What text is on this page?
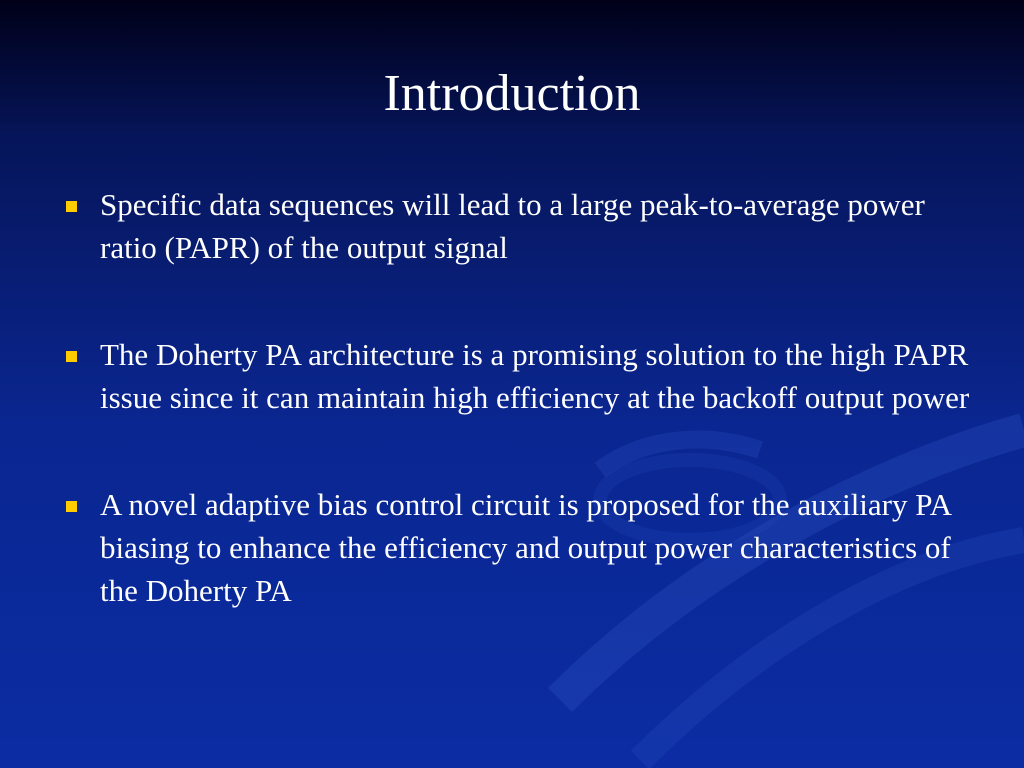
Introduction
Specific data sequences will lead to a large peak-to-average power ratio (PAPR) of the output signal
The Doherty PA architecture is a promising solution to the high PAPR issue since it can maintain high efficiency at the backoff output power
A novel adaptive bias control circuit is proposed for the auxiliary PA biasing to enhance the efficiency and output power characteristics of the Doherty PA
